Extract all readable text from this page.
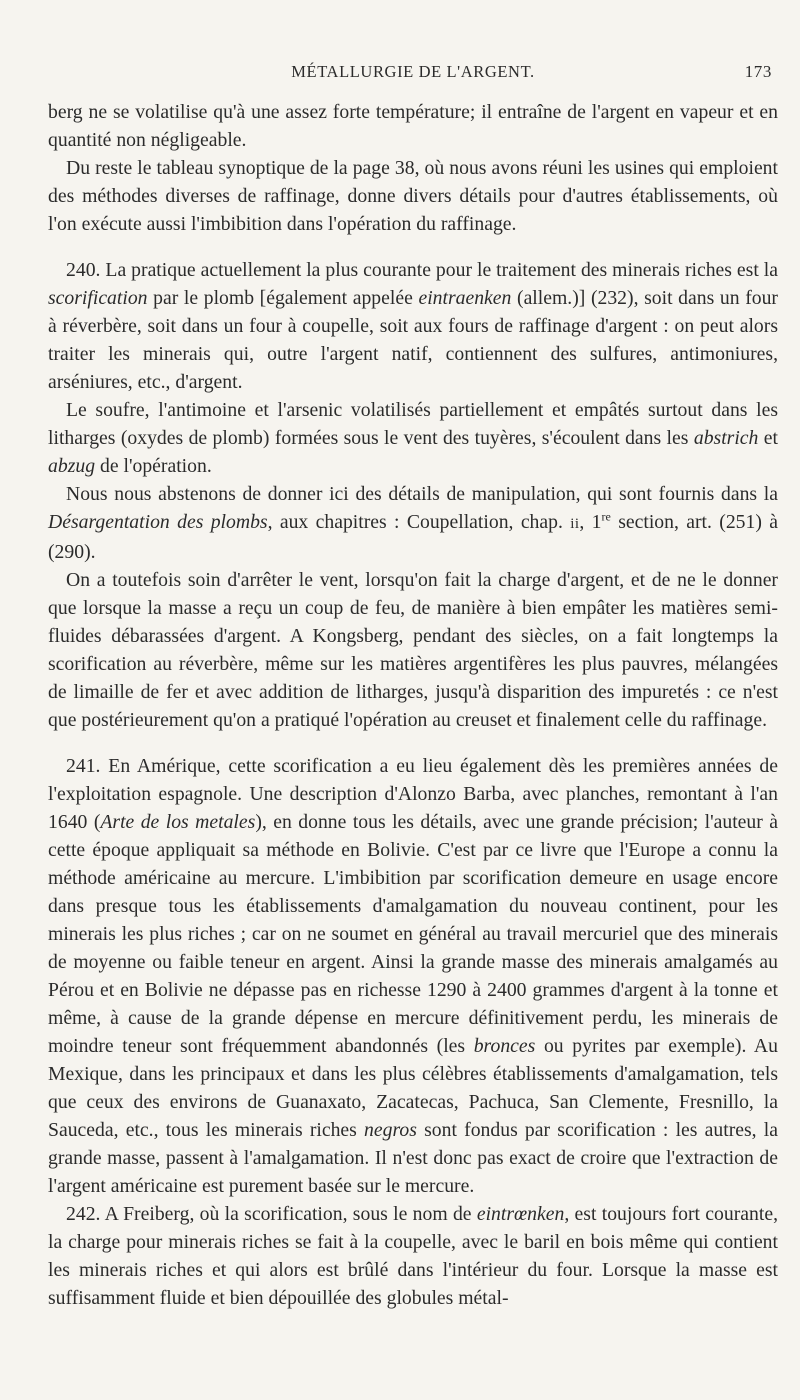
MÉTALLURGIE DE L'ARGENT.	173

berg ne se volatilise qu'à une assez forte température; il entraîne de l'argent en vapeur et en quantité non négligeable.

Du reste le tableau synoptique de la page 38, où nous avons réuni les usines qui emploient des méthodes diverses de raffinage, donne divers détails pour d'autres établissements, où l'on exécute aussi l'imbibition dans l'opération du raffinage.

240. La pratique actuellement la plus courante pour le traitement des minerais riches est la scorification par le plomb [également appelée eintraenken (allem.)] (232), soit dans un four à réverbère, soit dans un four à coupelle, soit aux fours de raffinage d'argent : on peut alors traiter les minerais qui, outre l'argent natif, contiennent des sulfures, antimoniures, arséniures, etc., d'argent.

Le soufre, l'antimoine et l'arsenic volatilisés partiellement et empâtés surtout dans les litharges (oxydes de plomb) formées sous le vent des tuyères, s'écoulent dans les abstrich et abzug de l'opération.

Nous nous abstenons de donner ici des détails de manipulation, qui sont fournis dans la Désargentation des plombs, aux chapitres : Coupellation, chap. ii, 1re section, art. (251) à (290).

On a toutefois soin d'arrêter le vent, lorsqu'on fait la charge d'argent, et de ne le donner que lorsque la masse a reçu un coup de feu, de manière à bien empâter les matières semi-fluides débarassées d'argent. A Kongsberg, pendant des siècles, on a fait longtemps la scorification au réverbère, même sur les matières argentifères les plus pauvres, mélangées de limaille de fer et avec addition de litharges, jusqu'à disparition des impuretés : ce n'est que postérieurement qu'on a pratiqué l'opération au creuset et finalement celle du raffinage.

241. En Amérique, cette scorification a eu lieu également dès les premières années de l'exploitation espagnole. Une description d'Alonzo Barba, avec planches, remontant à l'an 1640 (Arte de los metales), en donne tous les détails, avec une grande précision; l'auteur à cette époque appliquait sa méthode en Bolivie. C'est par ce livre que l'Europe a connu la méthode américaine au mercure. L'imbibition par scorification demeure en usage encore dans presque tous les établissements d'amalgamation du nouveau continent, pour les minerais les plus riches ; car on ne soumet en général au travail mercuriel que des minerais de moyenne ou faible teneur en argent. Ainsi la grande masse des minerais amalgamés au Pérou et en Bolivie ne dépasse pas en richesse 1290 à 2400 grammes d'argent à la tonne et même, à cause de la grande dépense en mercure définitivement perdu, les minerais de moindre teneur sont fréquemment abandonnés (les bronces ou pyrites par exemple). Au Mexique, dans les principaux et dans les plus célèbres établissements d'amalgamation, tels que ceux des environs de Guanaxato, Zacatecas, Pachuca, San Clemente, Fresnillo, la Sauceda, etc., tous les minerais riches negros sont fondus par scorification : les autres, la grande masse, passent à l'amalgamation. Il n'est donc pas exact de croire que l'extraction de l'argent américaine est purement basée sur le mercure.

242. A Freiberg, où la scorification, sous le nom de eintrœnken, est toujours fort courante, la charge pour minerais riches se fait à la coupelle, avec le baril en bois même qui contient les minerais riches et qui alors est brûlé dans l'intérieur du four. Lorsque la masse est suffisamment fluide et bien dépouillée des globules métal-
